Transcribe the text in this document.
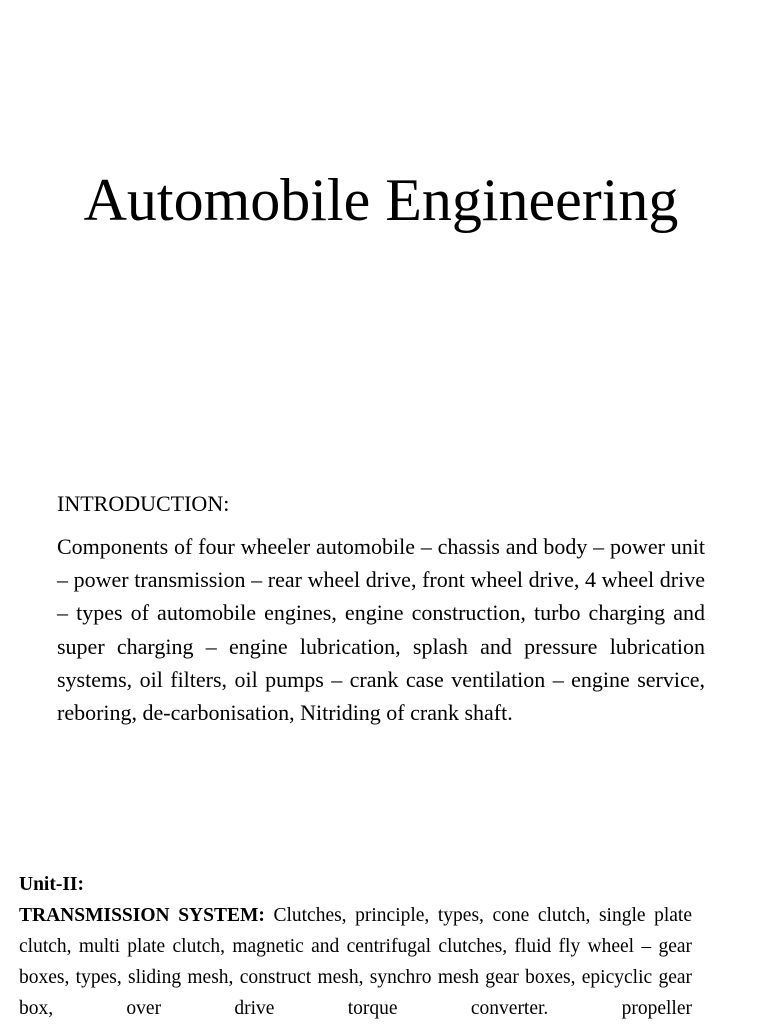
Automobile Engineering

INTRODUCTION:

Components of four wheeler automobile – chassis and body – power unit – power transmission – rear wheel drive, front wheel drive, 4 wheel drive – types of automobile engines, engine construction, turbo charging and super charging – engine lubrication, splash and pressure lubrication systems, oil filters, oil pumps – crank case ventilation – engine service, reboring, de-carbonisation, Nitriding of crank shaft.

Unit-II:

TRANSMISSION SYSTEM: Clutches, principle, types, cone clutch, single plate clutch, multi plate clutch, magnetic and centrifugal clutches, fluid fly wheel – gear boxes, types, sliding mesh, construct mesh, synchro mesh gear boxes, epicyclic gear box, over drive torque converter. propeller
